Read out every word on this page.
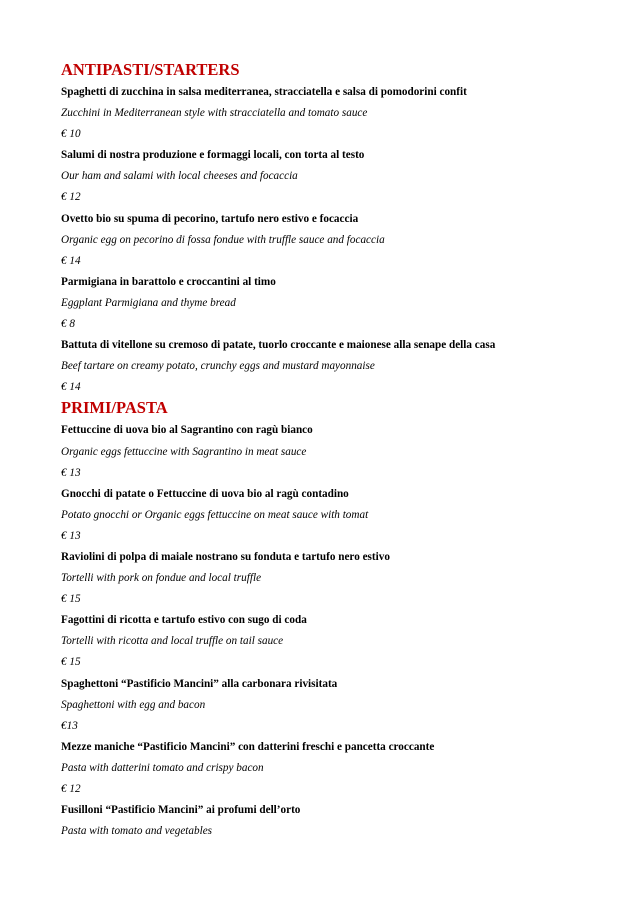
ANTIPASTI/STARTERS
Spaghetti di zucchina in salsa mediterranea, stracciatella e salsa di pomodorini confit
Zucchini in Mediterranean style with stracciatella and tomato sauce
€ 10
Salumi di nostra produzione e formaggi locali, con torta al testo
Our ham and salami with local cheeses and focaccia
€ 12
Ovetto bio su spuma di pecorino, tartufo nero estivo e focaccia
Organic egg on pecorino di fossa fondue with truffle sauce and focaccia
€ 14
Parmigiana in barattolo e croccantini al timo
Eggplant Parmigiana and thyme bread
€ 8
Battuta di vitellone su cremoso di patate, tuorlo croccante e maionese alla senape della casa
Beef tartare on creamy potato, crunchy eggs and mustard mayonnaise
€ 14
PRIMI/PASTA
Fettuccine di uova bio al Sagrantino con ragù bianco
Organic eggs fettuccine with Sagrantino in meat sauce
€ 13
Gnocchi di patate o Fettuccine di uova bio al ragù contadino
Potato gnocchi or Organic eggs fettuccine on meat sauce with tomat
€ 13
Raviolini di polpa di maiale nostrano su fonduta e tartufo nero estivo
Tortelli with pork on fondue and local truffle
€ 15
Fagottini di ricotta e tartufo estivo con sugo di coda
Tortelli with ricotta and local truffle on tail sauce
€ 15
Spaghettoni “Pastificio Mancini” alla carbonara rivisitata
Spaghettoni with egg and bacon
€13
Mezze maniche “Pastificio Mancini” con datterini freschi e pancetta croccante
Pasta with datterini tomato and crispy bacon
€ 12
Fusilloni “Pastificio Mancini” ai profumi dell’orto
Pasta with tomato and vegetables
